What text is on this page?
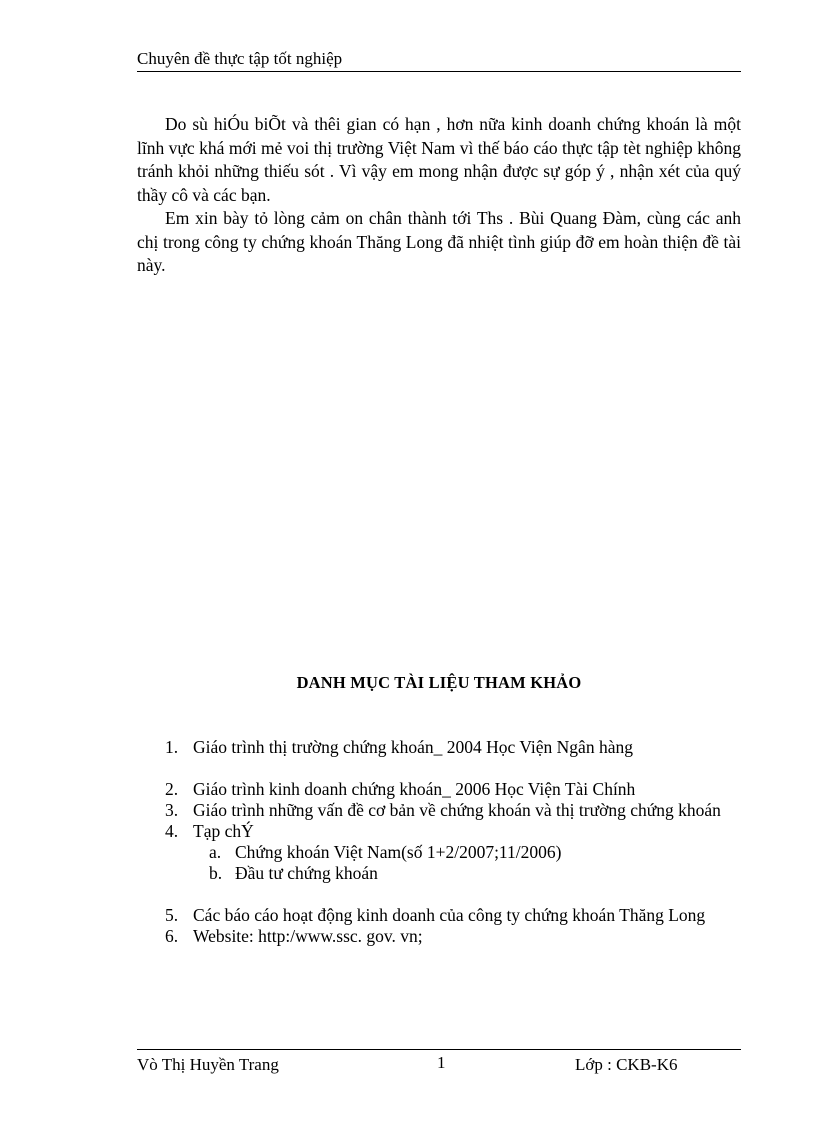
Chuyên đề thực tập tốt nghiệp

Do sù hiÓu biÕt và thêi gian có hạn , hơn nữa kinh doanh chứng khoán là một lĩnh vực khá mới mẻ voi thị trường Việt Nam vì thế báo cáo thực tập tèt nghiệp không tránh khỏi những thiếu sót . Vì vậy em mong nhận được sự góp ý , nhận xét của quý thầy cô và các bạn.

Em xin bày tỏ lòng cảm on chân thành tới Ths . Bùi Quang Đàm, cùng các anh chị trong công ty chứng khoán Thăng Long đã nhiệt tình giúp đỡ em hoàn thiện đề tài này.

DANH MỤC TÀI LIỆU THAM KHẢO
1. Giáo trình thị trường chứng khoán_ 2004 Học Viện Ngân hàng
2. Giáo trình kinh doanh chứng khoán_ 2006 Học Viện Tài Chính
3. Giáo trình những vấn đề cơ bản về chứng khoán và thị trường chứng khoán
4. Tạp chÝ
a. Chứng khoán Việt Nam(số 1+2/2007;11/2006)
b. Đầu tư chứng khoán
5. Các báo cáo hoạt động kinh doanh của công ty chứng khoán Thăng Long
6. Website: http:/www.ssc. gov. vn;
Vò Thị Huyền Trang	1	Lớp : CKB-K6
